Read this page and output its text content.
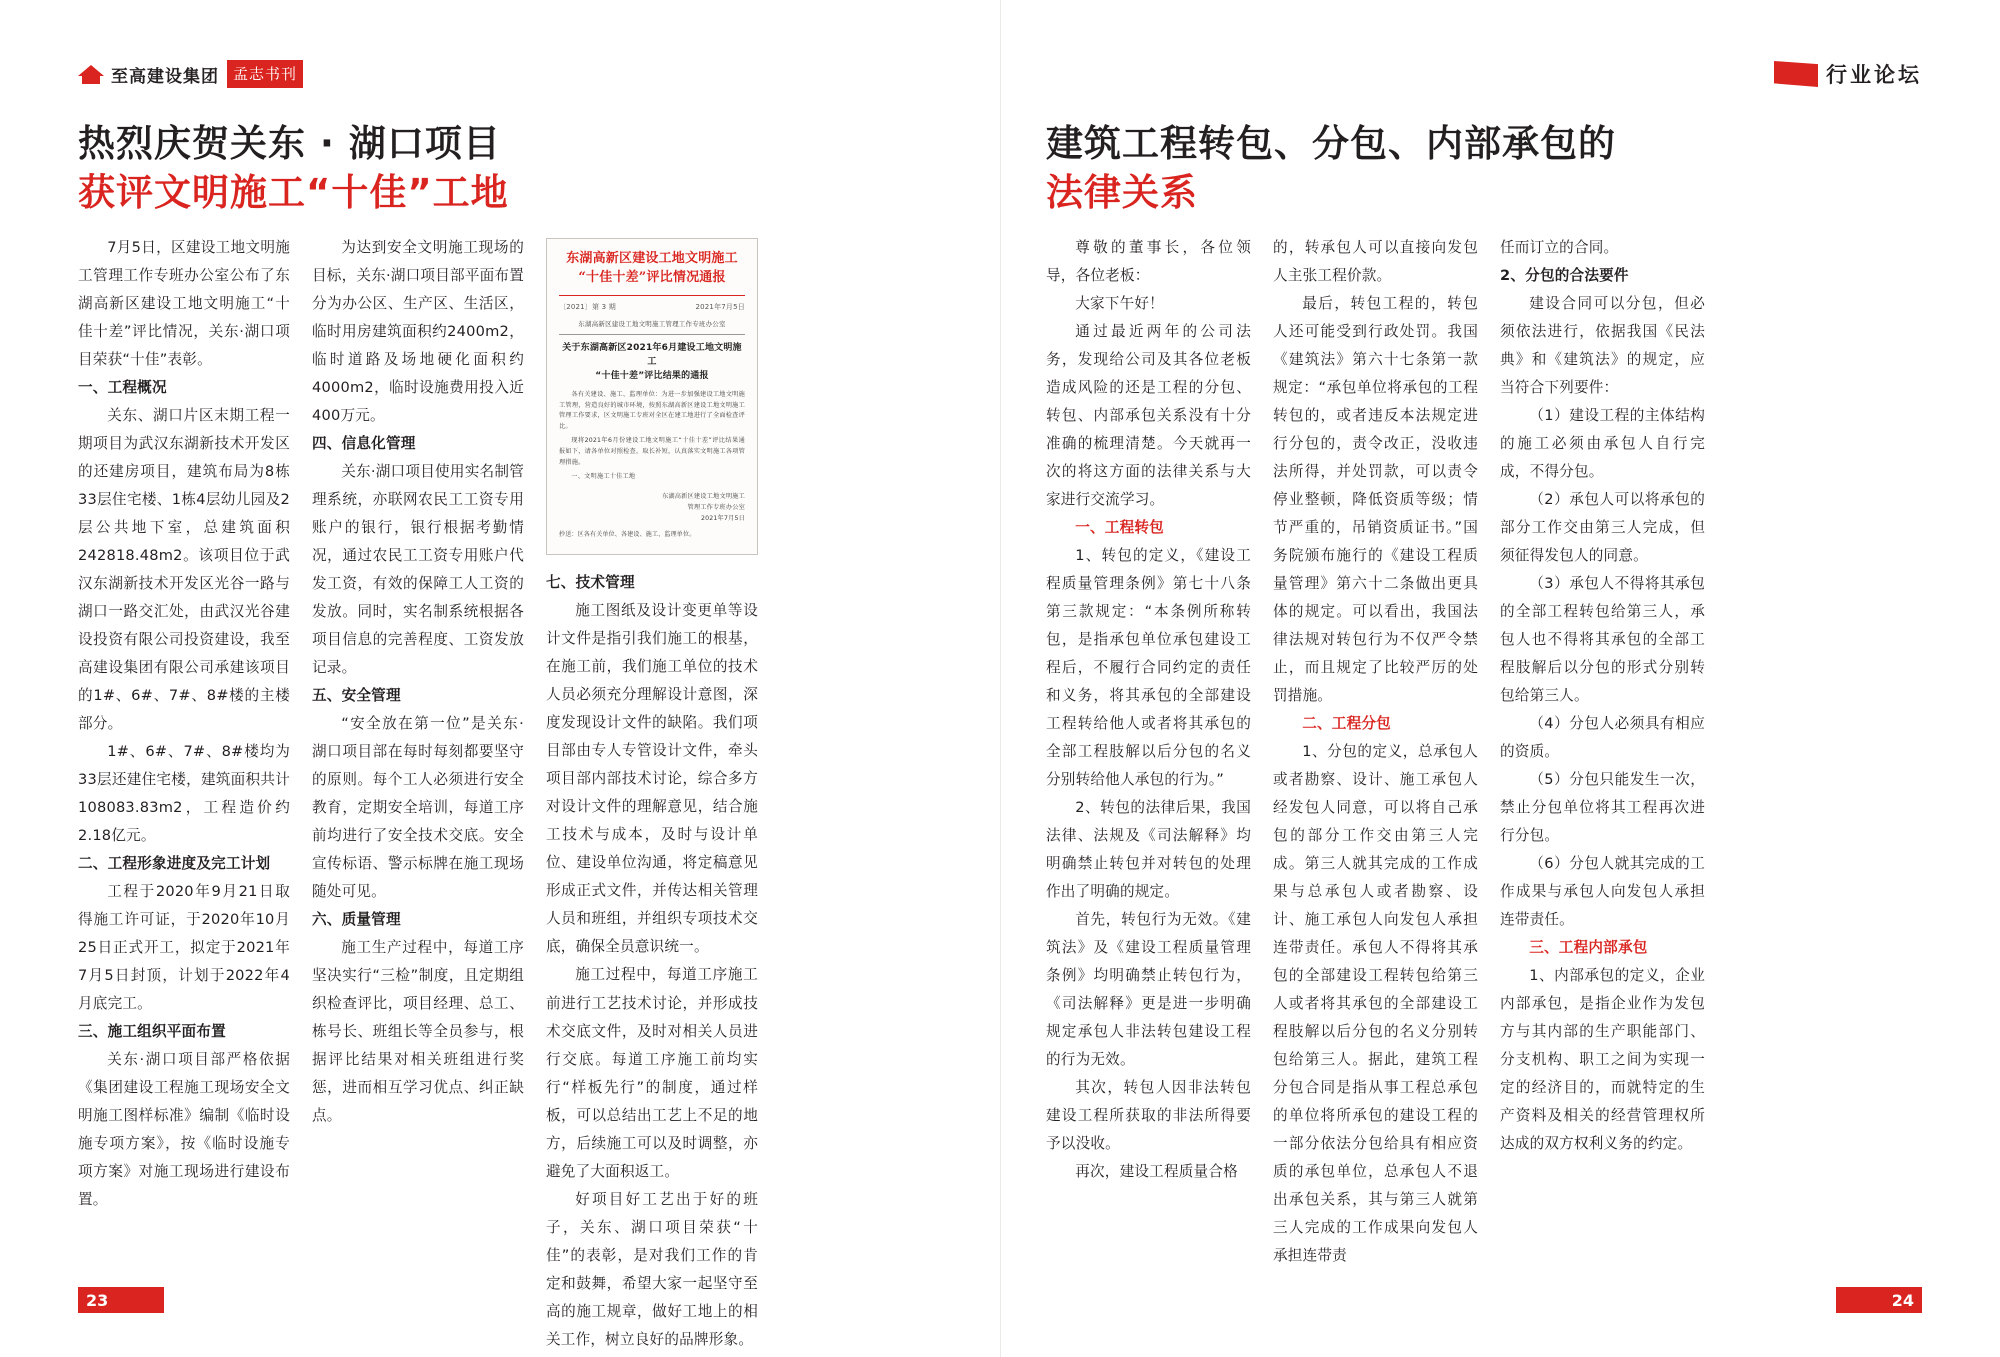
至高建设集团 孟志书刊
热烈庆贺关东 · 湖口项目
获评文明施工“十佳”工地

7月5日，区建设工地文明施工管理工作专班办公室公布了东湖高新区建设工地文明施工“十佳十差”评比情况，关东·湖口项目荣获“十佳”表彰。

一、工程概况

关东、湖口片区末期工程一期项目为武汉东湖新技术开发区的还建房项目，建筑布局为8栋33层住宅楼、1栋4层幼儿园及2层公共地下室，总建筑面积242818.48m2。该项目位于武汉东湖新技术开发区光谷一路与湖口一路交汇处，由武汉光谷建设投资有限公司投资建设，我至高建设集团有限公司承建该项目的1#、6#、7#、8#楼的主楼部分。

1#、6#、7#、8#楼均为33层还建住宅楼，建筑面积共计108083.83m2，工程造价约2.18亿元。

二、工程形象进度及完工计划

工程于2020年9月21日取得施工许可证，于2020年10月25日正式开工，拟定于2021年7月5日封顶，计划于2022年4月底完工。

三、施工组织平面布置

关东·湖口项目部严格依据《集团建设工程施工现场安全文明施工图样标准》编制《临时设施专项方案》，按《临时设施专项方案》对施工现场进行建设布置。

为达到安全文明施工现场的目标，关东·湖口项目部平面布置分为办公区、生产区、生活区，临时用房建筑面积约2400m2，临时道路及场地硬化面积约4000m2，临时设施费用投入近400万元。

四、信息化管理

关东·湖口项目使用实名制管理系统，亦联网农民工工资专用账户的银行，银行根据考勤情况，通过农民工工资专用账户代发工资，有效的保障工人工资的发放。同时，实名制系统根据各项目信息的完善程度、工资发放记录。

五、安全管理

“安全放在第一位”是关东·湖口项目部在每时每刻都要坚守的原则。每个工人必须进行安全教育，定期安全培训，每道工序前均进行了安全技术交底。安全宣传标语、警示标牌在施工现场随处可见。

六、质量管理

施工生产过程中，每道工序坚决实行“三检”制度，且定期组织检查评比，项目经理、总工、栋号长、班组长等全员参与，根据评比结果对相关班组进行奖惩，进而相互学习优点、纠正缺点。

东湖高新区建设工地文明施工
“十佳十差”评比情况通报
〔2021〕第 3 期	2021年7月5日
东湖高新区建设工地文明施工管理工作专班办公室
关于东湖高新区2021年6月建设工地文明施工
“十佳十差”评比结果的通报

各有关建设、施工、监理单位：为进一步加强建设工地文明施工管理，营造良好的城市环境，按照东湖高新区建设工地文明施工管理工作要求，区文明施工专班对全区在建工地进行了全面检查评比。

现将2021年6月份建设工地文明施工“十佳十差”评比结果通报如下，请各单位对照检查，取长补短，认真落实文明施工各项管理措施。

一、文明施工十佳工地

东湖高新区建设工地文明施工
管理工作专班办公室
2021年7月5日
抄送：区各有关单位、各建设、施工、监理单位。

七、技术管理

施工图纸及设计变更单等设计文件是指引我们施工的根基，在施工前，我们施工单位的技术人员必须充分理解设计意图，深度发现设计文件的缺陷。我们项目部由专人专管设计文件，牵头项目部内部技术讨论，综合多方对设计文件的理解意见，结合施工技术与成本，及时与设计单位、建设单位沟通，将定稿意见形成正式文件，并传达相关管理人员和班组，并组织专项技术交底，确保全员意识统一。

施工过程中，每道工序施工前进行工艺技术讨论，并形成技术交底文件，及时对相关人员进行交底。每道工序施工前均实行“样板先行”的制度，通过样板，可以总结出工艺上不足的地方，后续施工可以及时调整，亦避免了大面积返工。

好项目好工艺出于好的班子，关东、湖口项目荣获“十佳”的表彰，是对我们工作的肯定和鼓舞，希望大家一起坚守至高的施工规章，做好工地上的相关工作，树立良好的品牌形象。

23
行业论坛
建筑工程转包、分包、内部承包的
法律关系

尊敬的董事长，各位领导，各位老板：

大家下午好！

通过最近两年的公司法务，发现给公司及其各位老板造成风险的还是工程的分包、转包、内部承包关系没有十分准确的梳理清楚。今天就再一次的将这方面的法律关系与大家进行交流学习。

一、工程转包

1、转包的定义，《建设工程质量管理条例》第七十八条第三款规定：“本条例所称转包，是指承包单位承包建设工程后，不履行合同约定的责任和义务，将其承包的全部建设工程转给他人或者将其承包的全部工程肢解以后分包的名义分别转给他人承包的行为。”

2、转包的法律后果，我国法律、法规及《司法解释》均明确禁止转包并对转包的处理作出了明确的规定。

首先，转包行为无效。《建筑法》及《建设工程质量管理条例》均明确禁止转包行为，《司法解释》更是进一步明确规定承包人非法转包建设工程的行为无效。

其次，转包人因非法转包建设工程所获取的非法所得要予以没收。

再次，建设工程质量合格

的，转承包人可以直接向发包人主张工程价款。

最后，转包工程的，转包人还可能受到行政处罚。我国《建筑法》第六十七条第一款规定：“承包单位将承包的工程转包的，或者违反本法规定进行分包的，责令改正，没收违法所得，并处罚款，可以责令停业整顿，降低资质等级；情节严重的，吊销资质证书。”国务院颁布施行的《建设工程质量管理》第六十二条做出更具体的规定。可以看出，我国法律法规对转包行为不仅严令禁止，而且规定了比较严厉的处罚措施。

二、工程分包

1、分包的定义，总承包人或者勘察、设计、施工承包人经发包人同意，可以将自己承包的部分工作交由第三人完成。第三人就其完成的工作成果与总承包人或者勘察、设计、施工承包人向发包人承担连带责任。承包人不得将其承包的全部建设工程转包给第三人或者将其承包的全部建设工程肢解以后分包的名义分别转包给第三人。据此，建筑工程分包合同是指从事工程总承包的单位将所承包的建设工程的一部分依法分包给具有相应资质的承包单位，总承包人不退出承包关系，其与第三人就第三人完成的工作成果向发包人承担连带责

任而订立的合同。

2、分包的合法要件

建设合同可以分包，但必须依法进行，依据我国《民法典》和《建筑法》的规定，应当符合下列要件：

（1）建设工程的主体结构的施工必须由承包人自行完成，不得分包。

（2）承包人可以将承包的部分工作交由第三人完成，但须征得发包人的同意。

（3）承包人不得将其承包的全部工程转包给第三人，承包人也不得将其承包的全部工程肢解后以分包的形式分别转包给第三人。

（4）分包人必须具有相应的资质。

（5）分包只能发生一次，禁止分包单位将其工程再次进行分包。

（6）分包人就其完成的工作成果与承包人向发包人承担连带责任。

三、工程内部承包

1、内部承包的定义，企业内部承包，是指企业作为发包方与其内部的生产职能部门、分支机构、职工之间为实现一定的经济目的，而就特定的生产资料及相关的经营管理权所达成的双方权利义务的约定。

24
